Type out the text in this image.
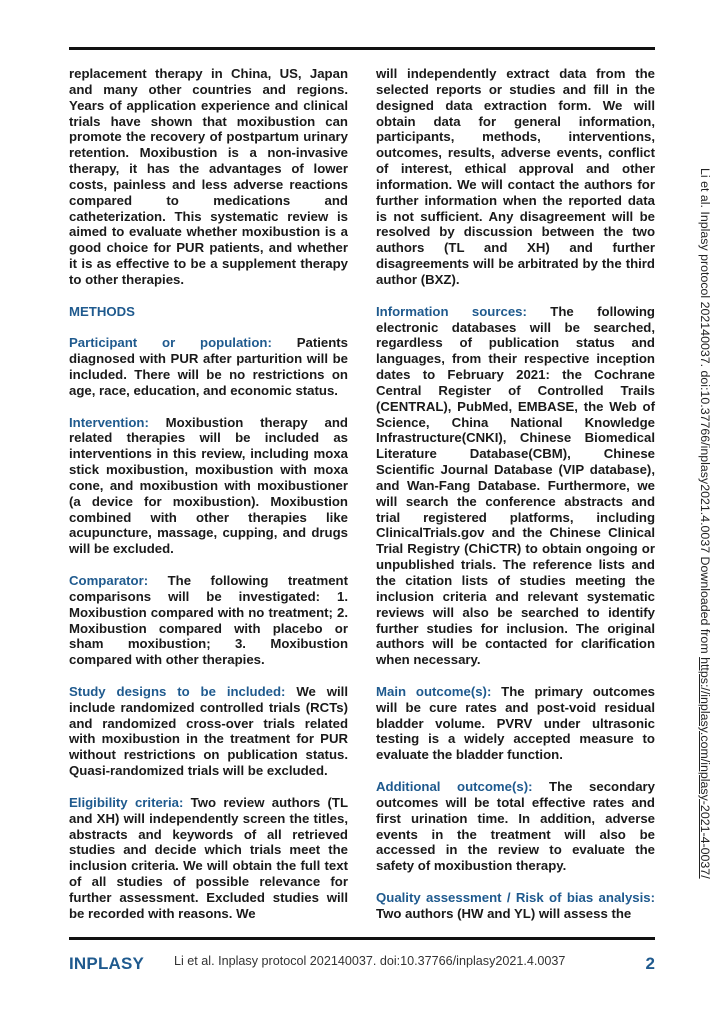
replacement therapy in China, US, Japan and many other countries and regions. Years of application experience and clinical trials have shown that moxibustion can promote the recovery of postpartum urinary retention. Moxibustion is a non-invasive therapy, it has the advantages of lower costs, painless and less adverse reactions compared to medications and catheterization. This systematic review is aimed to evaluate whether moxibustion is a good choice for PUR patients, and whether it is as effective to be a supplement therapy to other therapies.

METHODS

Participant or population: Patients diagnosed with PUR after parturition will be included. There will be no restrictions on age, race, education, and economic status.

Intervention: Moxibustion therapy and related therapies will be included as interventions in this review, including moxa stick moxibustion, moxibustion with moxa cone, and moxibustion with moxibustioner (a device for moxibustion). Moxibustion combined with other therapies like acupuncture, massage, cupping, and drugs will be excluded.

Comparator: The following treatment comparisons will be investigated: 1. Moxibustion compared with no treatment; 2. Moxibustion compared with placebo or sham moxibustion; 3. Moxibustion compared with other therapies.

Study designs to be included: We will include randomized controlled trials (RCTs) and randomized cross-over trials related with moxibustion in the treatment for PUR without restrictions on publication status. Quasi-randomized trials will be excluded.

Eligibility criteria: Two review authors (TL and XH) will independently screen the titles, abstracts and keywords of all retrieved studies and decide which trials meet the inclusion criteria. We will obtain the full text of all studies of possible relevance for further assessment. Excluded studies will be recorded with reasons. We

will independently extract data from the selected reports or studies and fill in the designed data extraction form. We will obtain data for general information, participants, methods, interventions, outcomes, results, adverse events, conflict of interest, ethical approval and other information. We will contact the authors for further information when the reported data is not sufficient. Any disagreement will be resolved by discussion between the two authors (TL and XH) and further disagreements will be arbitrated by the third author (BXZ).

Information sources: The following electronic databases will be searched, regardless of publication status and languages, from their respective inception dates to February 2021: the Cochrane Central Register of Controlled Trails (CENTRAL), PubMed, EMBASE, the Web of Science, China National Knowledge Infrastructure(CNKI), Chinese Biomedical Literature Database(CBM), Chinese Scientific Journal Database (VIP database), and Wan-Fang Database. Furthermore, we will search the conference abstracts and trial registered platforms, including ClinicalTrials.gov and the Chinese Clinical Trial Registry (ChiCTR) to obtain ongoing or unpublished trials. The reference lists and the citation lists of studies meeting the inclusion criteria and relevant systematic reviews will also be searched to identify further studies for inclusion. The original authors will be contacted for clarification when necessary.

Main outcome(s): The primary outcomes will be cure rates and post-void residual bladder volume. PVRV under ultrasonic testing is a widely accepted measure to evaluate the bladder function.

Additional outcome(s): The secondary outcomes will be total effective rates and first urination time. In addition, adverse events in the treatment will also be accessed in the review to evaluate the safety of moxibustion therapy.

Quality assessment / Risk of bias analysis: Two authors (HW and YL) will assess the

Li et al. Inplasy protocol 202140037. doi:10.37766/inplasy2021.4.0037 Downloaded from https://inplasy.com/inplasy-2021-4-0037/
INPLASY Li et al. Inplasy protocol 202140037. doi:10.37766/inplasy2021.4.0037	2
